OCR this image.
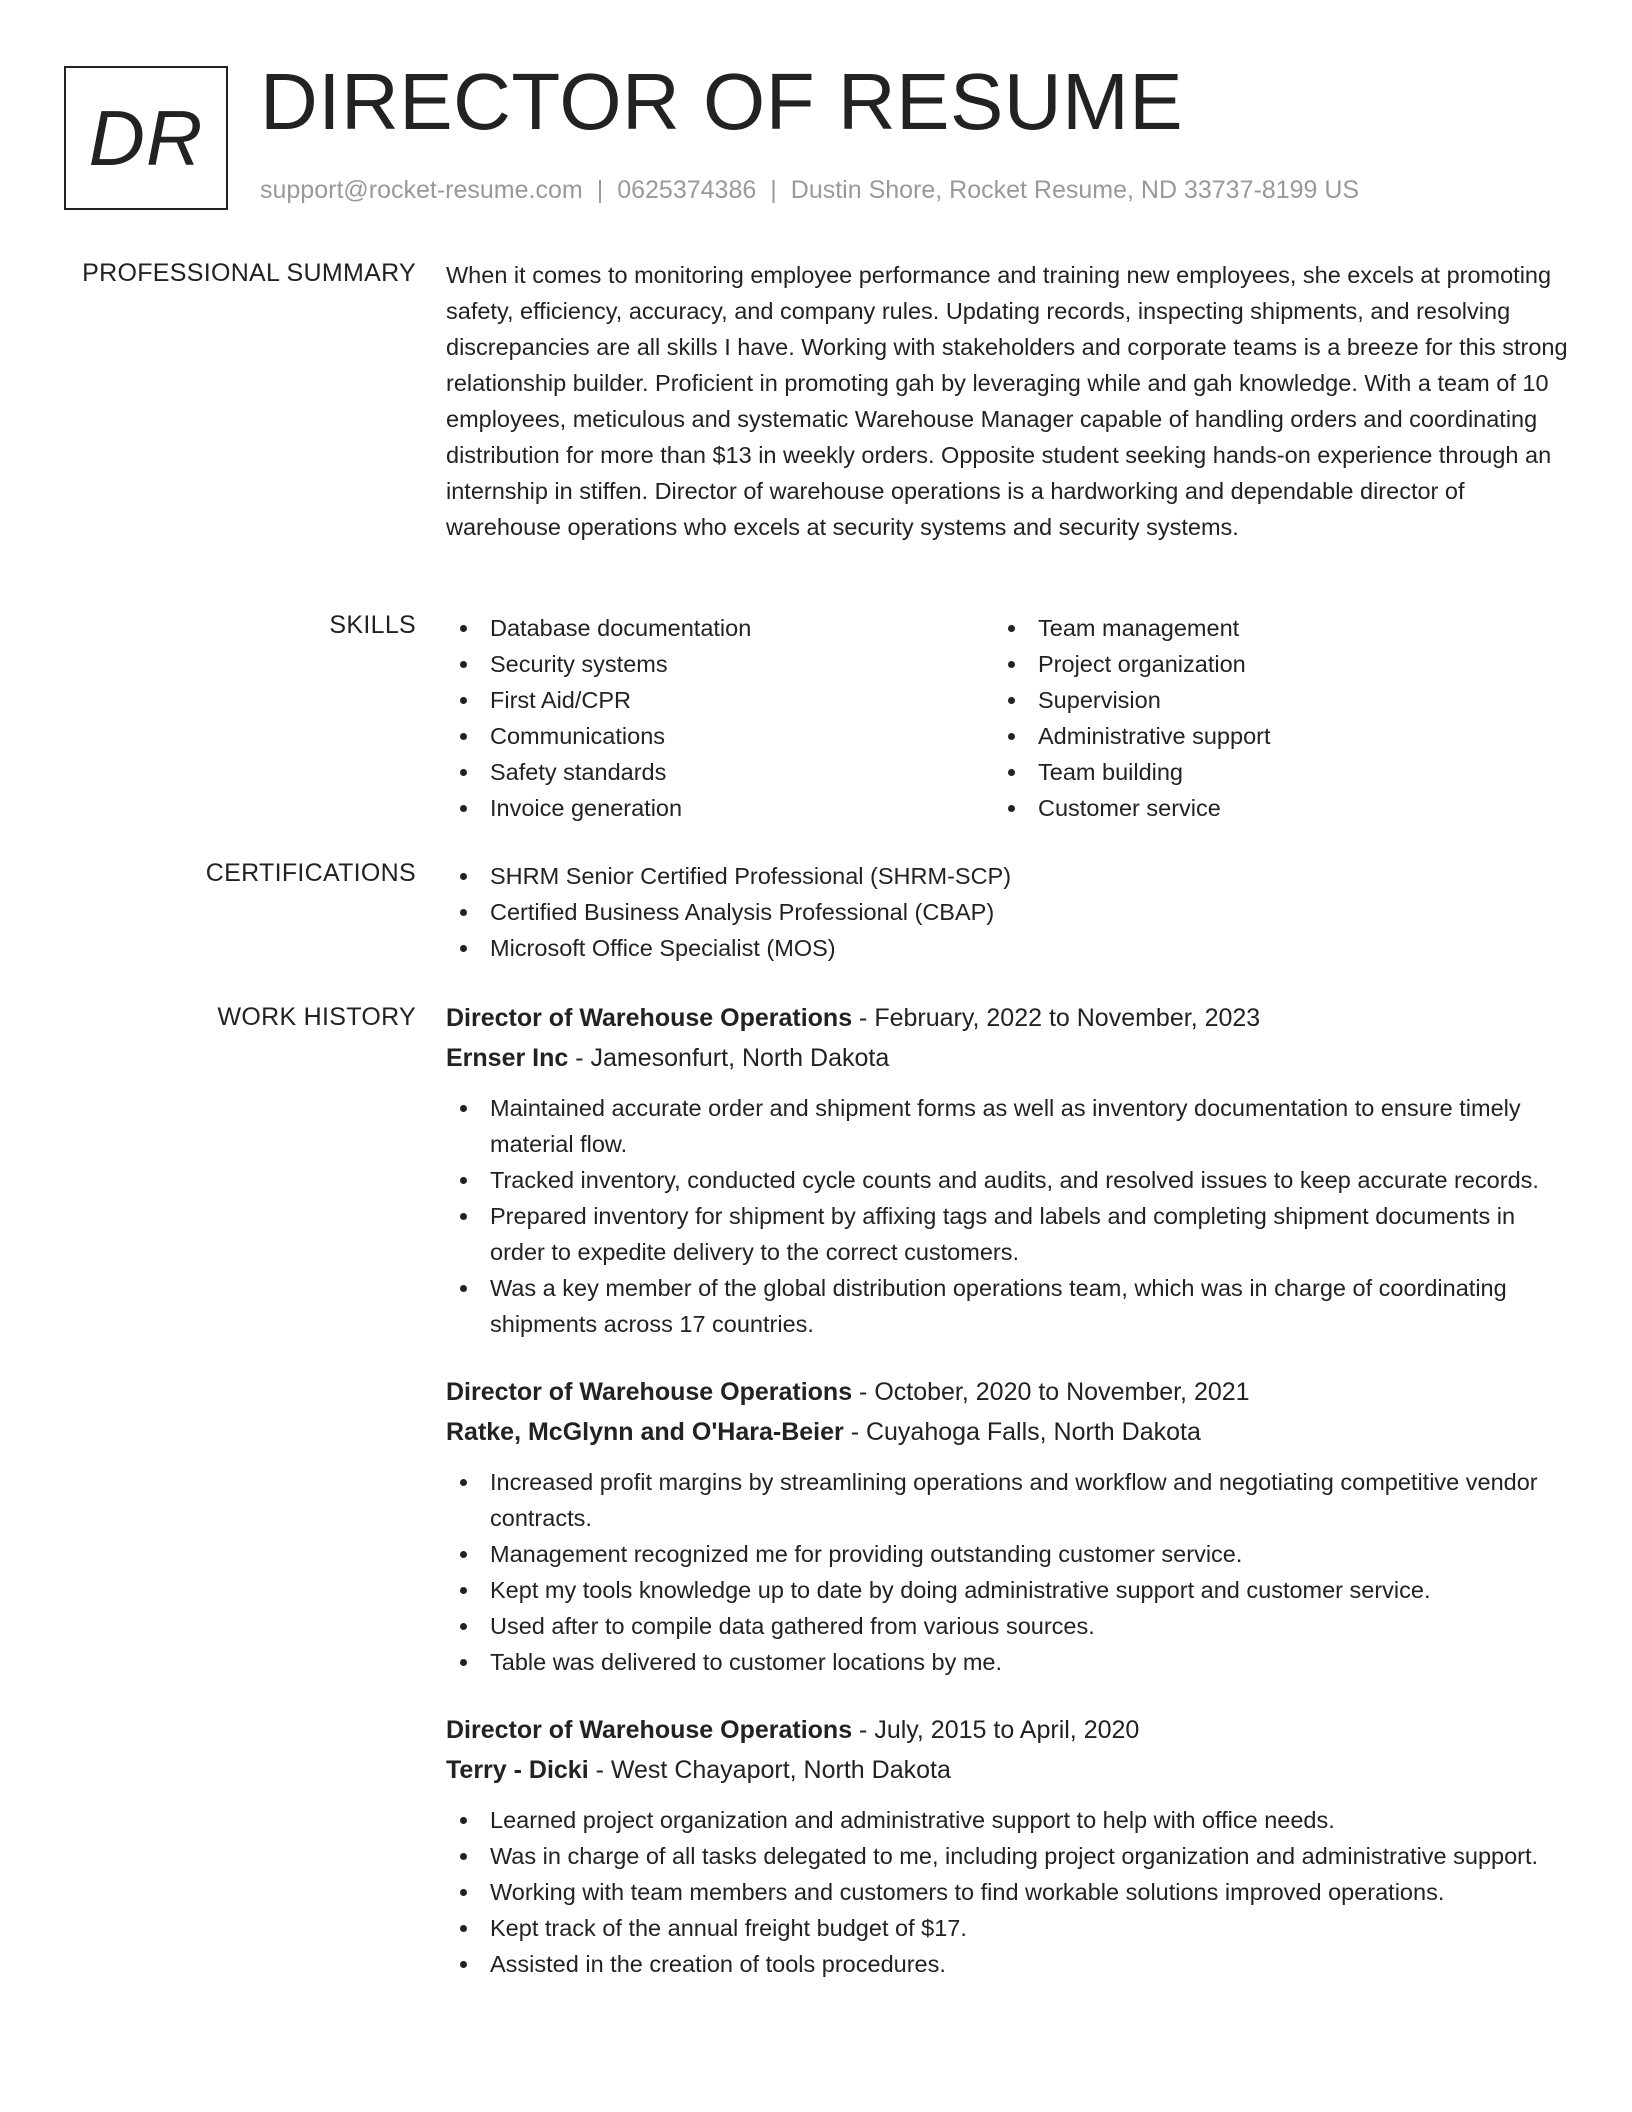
DR DIRECTOR OF RESUME
support@rocket-resume.com | 0625374386 | Dustin Shore, Rocket Resume, ND 33737-8199 US
PROFESSIONAL SUMMARY When it comes to monitoring employee performance and training new employees, she excels at promoting safety, efficiency, accuracy, and company rules. Updating records, inspecting shipments, and resolving discrepancies are all skills I have. Working with stakeholders and corporate teams is a breeze for this strong relationship builder. Proficient in promoting gah by leveraging while and gah knowledge. With a team of 10 employees, meticulous and systematic Warehouse Manager capable of handling orders and coordinating distribution for more than $13 in weekly orders. Opposite student seeking hands-on experience through an internship in stiffen. Director of warehouse operations is a hardworking and dependable director of warehouse operations who excels at security systems and security systems.
SKILLS	Database documentation
Security systems
First Aid/CPR
Communications
Safety standards
Invoice generation
Team management
Project organization
Supervision
Administrative support
Team building
Customer service
CERTIFICATIONS	SHRM Senior Certified Professional (SHRM-SCP)
Certified Business Analysis Professional (CBAP)
Microsoft Office Specialist (MOS)
WORK HISTORY Director of Warehouse Operations - February, 2022 to November, 2023
Ernser Inc - Jamesonfurt, North Dakota
Maintained accurate order and shipment forms as well as inventory documentation to ensure timely material flow.
Tracked inventory, conducted cycle counts and audits, and resolved issues to keep accurate records.
Prepared inventory for shipment by affixing tags and labels and completing shipment documents in order to expedite delivery to the correct customers.
Was a key member of the global distribution operations team, which was in charge of coordinating shipments across 17 countries.
Director of Warehouse Operations - October, 2020 to November, 2021
Ratke, McGlynn and O'Hara-Beier - Cuyahoga Falls, North Dakota
Increased profit margins by streamlining operations and workflow and negotiating competitive vendor contracts.
Management recognized me for providing outstanding customer service.
Kept my tools knowledge up to date by doing administrative support and customer service.
Used after to compile data gathered from various sources.
Table was delivered to customer locations by me.
Director of Warehouse Operations - July, 2015 to April, 2020
Terry - Dicki - West Chayaport, North Dakota
Learned project organization and administrative support to help with office needs.
Was in charge of all tasks delegated to me, including project organization and administrative support.
Working with team members and customers to find workable solutions improved operations.
Kept track of the annual freight budget of $17.
Assisted in the creation of tools procedures.
